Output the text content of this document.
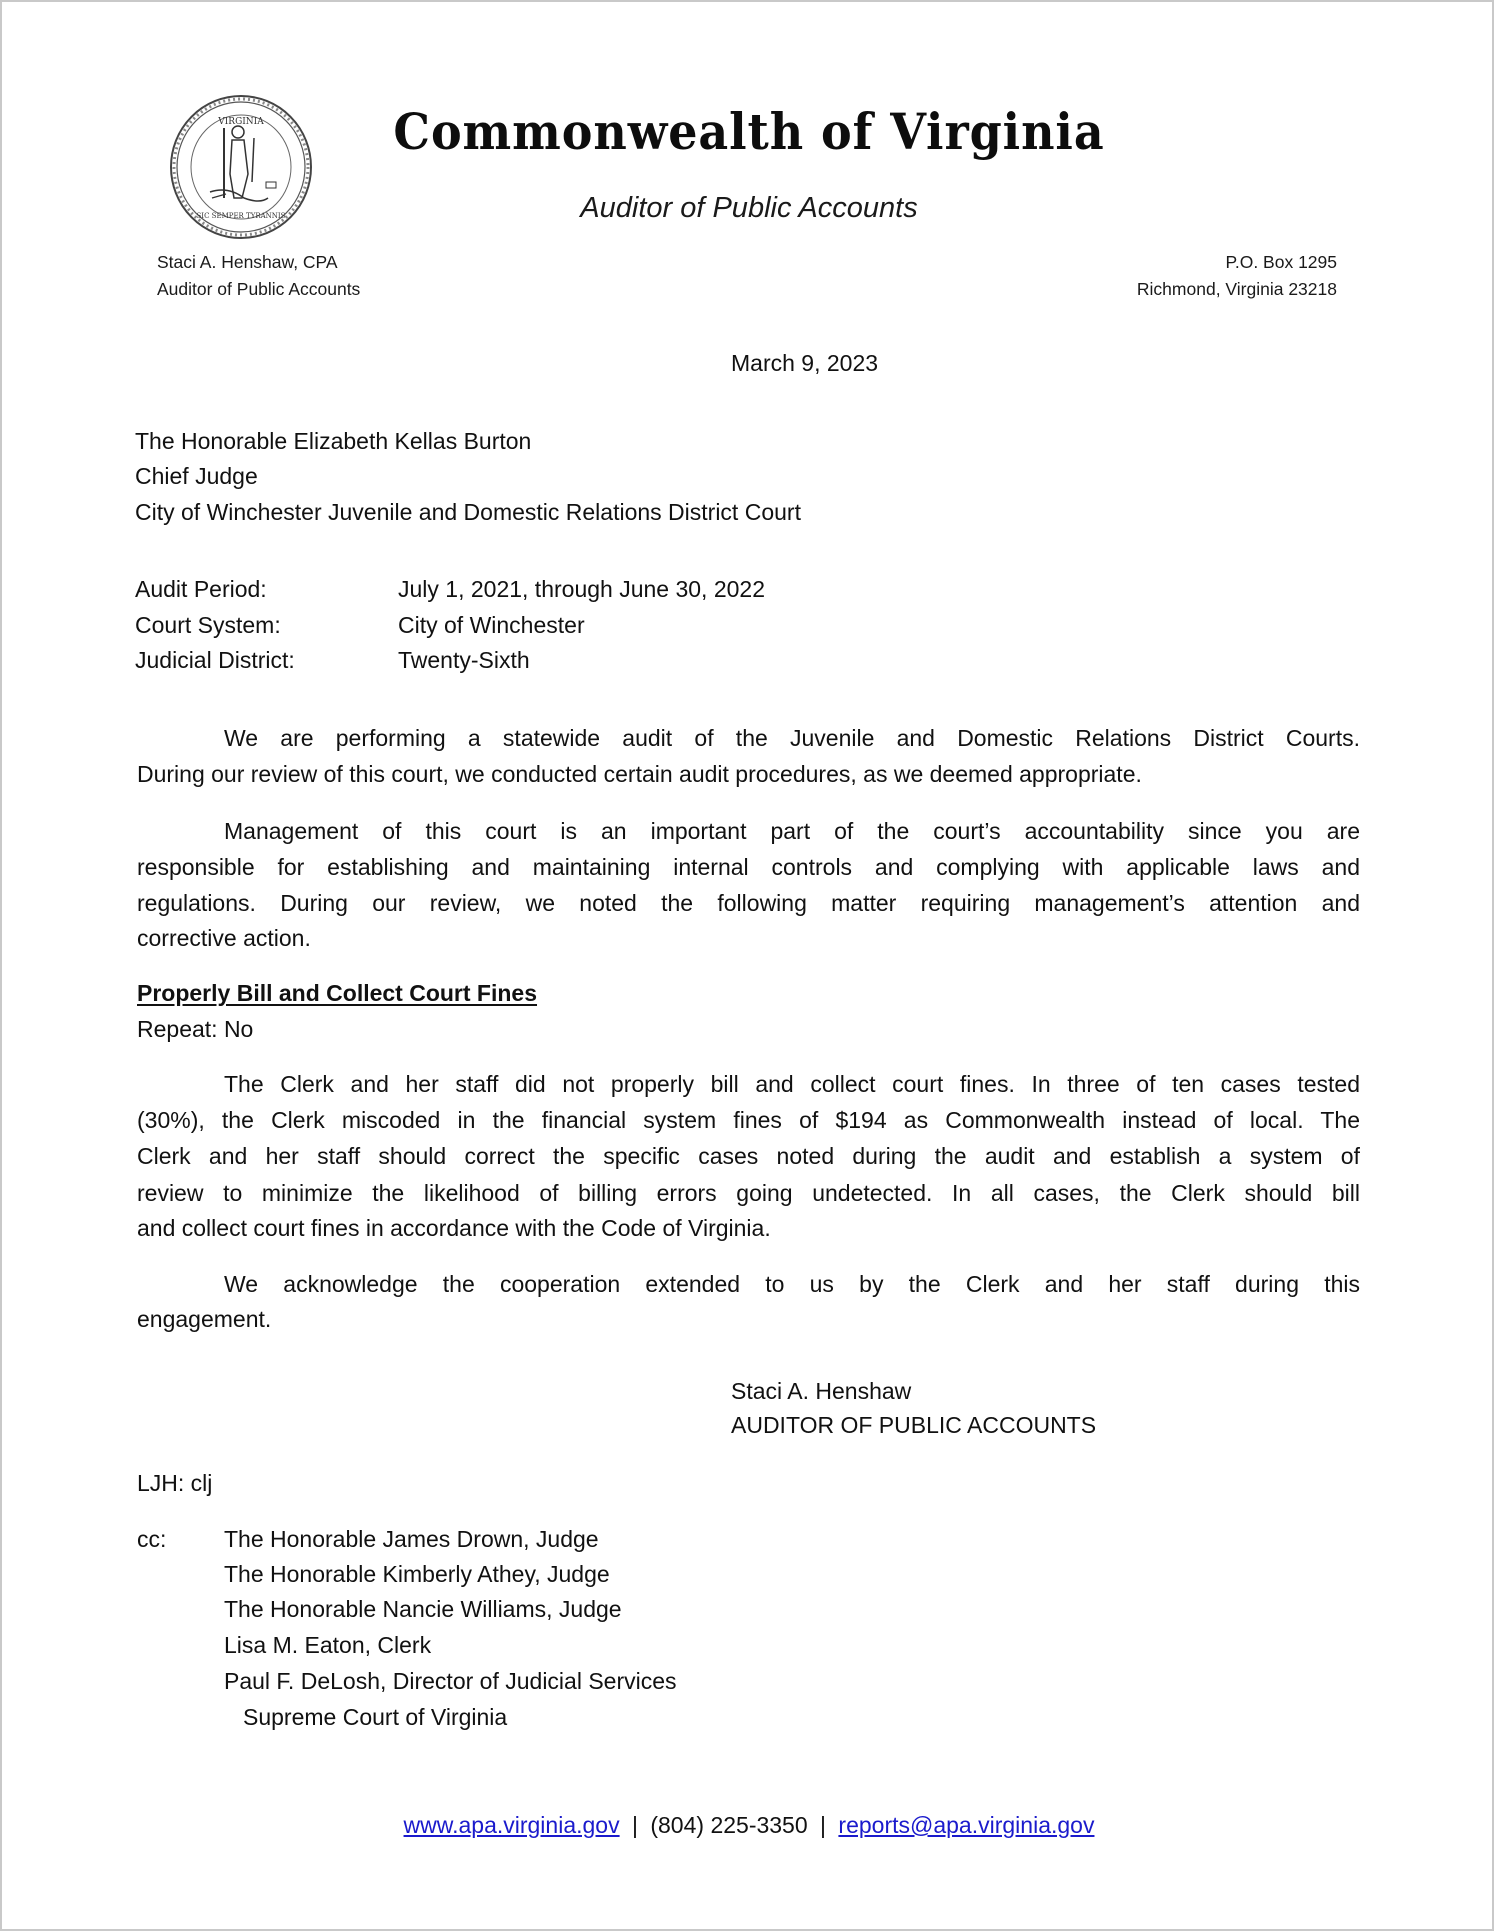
VIRGINIA
SIC SEMPER TYRANNIS
Commonwealth of Virginia
Auditor of Public Accounts
Staci A. Henshaw, CPA
Auditor of Public Accounts
P.O. Box 1295
Richmond, Virginia 23218
March 9, 2023
The Honorable Elizabeth Kellas Burton
Chief Judge
City of Winchester Juvenile and Domestic Relations District Court
Audit Period:	July 1, 2021, through June 30, 2022
Court System:	City of Winchester
Judicial District:	Twenty-Sixth
We are performing a statewide audit of the Juvenile and Domestic Relations District Courts.
During our review of this court, we conducted certain audit procedures, as we deemed appropriate.
Management of this court is an important part of the court’s accountability since you are
responsible for establishing and maintaining internal controls and complying with applicable laws and
regulations. During our review, we noted the following matter requiring management’s attention and
corrective action.
Properly Bill and Collect Court Fines
Repeat: No
The Clerk and her staff did not properly bill and collect court fines. In three of ten cases tested
(30%), the Clerk miscoded in the financial system fines of $194 as Commonwealth instead of local. The
Clerk and her staff should correct the specific cases noted during the audit and establish a system of
review to minimize the likelihood of billing errors going undetected. In all cases, the Clerk should bill
and collect court fines in accordance with the Code of Virginia.
We acknowledge the cooperation extended to us by the Clerk and her staff during this
engagement.
Staci A. Henshaw
AUDITOR OF PUBLIC ACCOUNTS
LJH: clj
cc:	The Honorable James Drown, Judge
The Honorable Kimberly Athey, Judge
The Honorable Nancie Williams, Judge
Lisa M. Eaton, Clerk
Paul F. DeLosh, Director of Judicial Services
Supreme Court of Virginia
www.apa.virginia.gov | (804) 225-3350 | reports@apa.virginia.gov
